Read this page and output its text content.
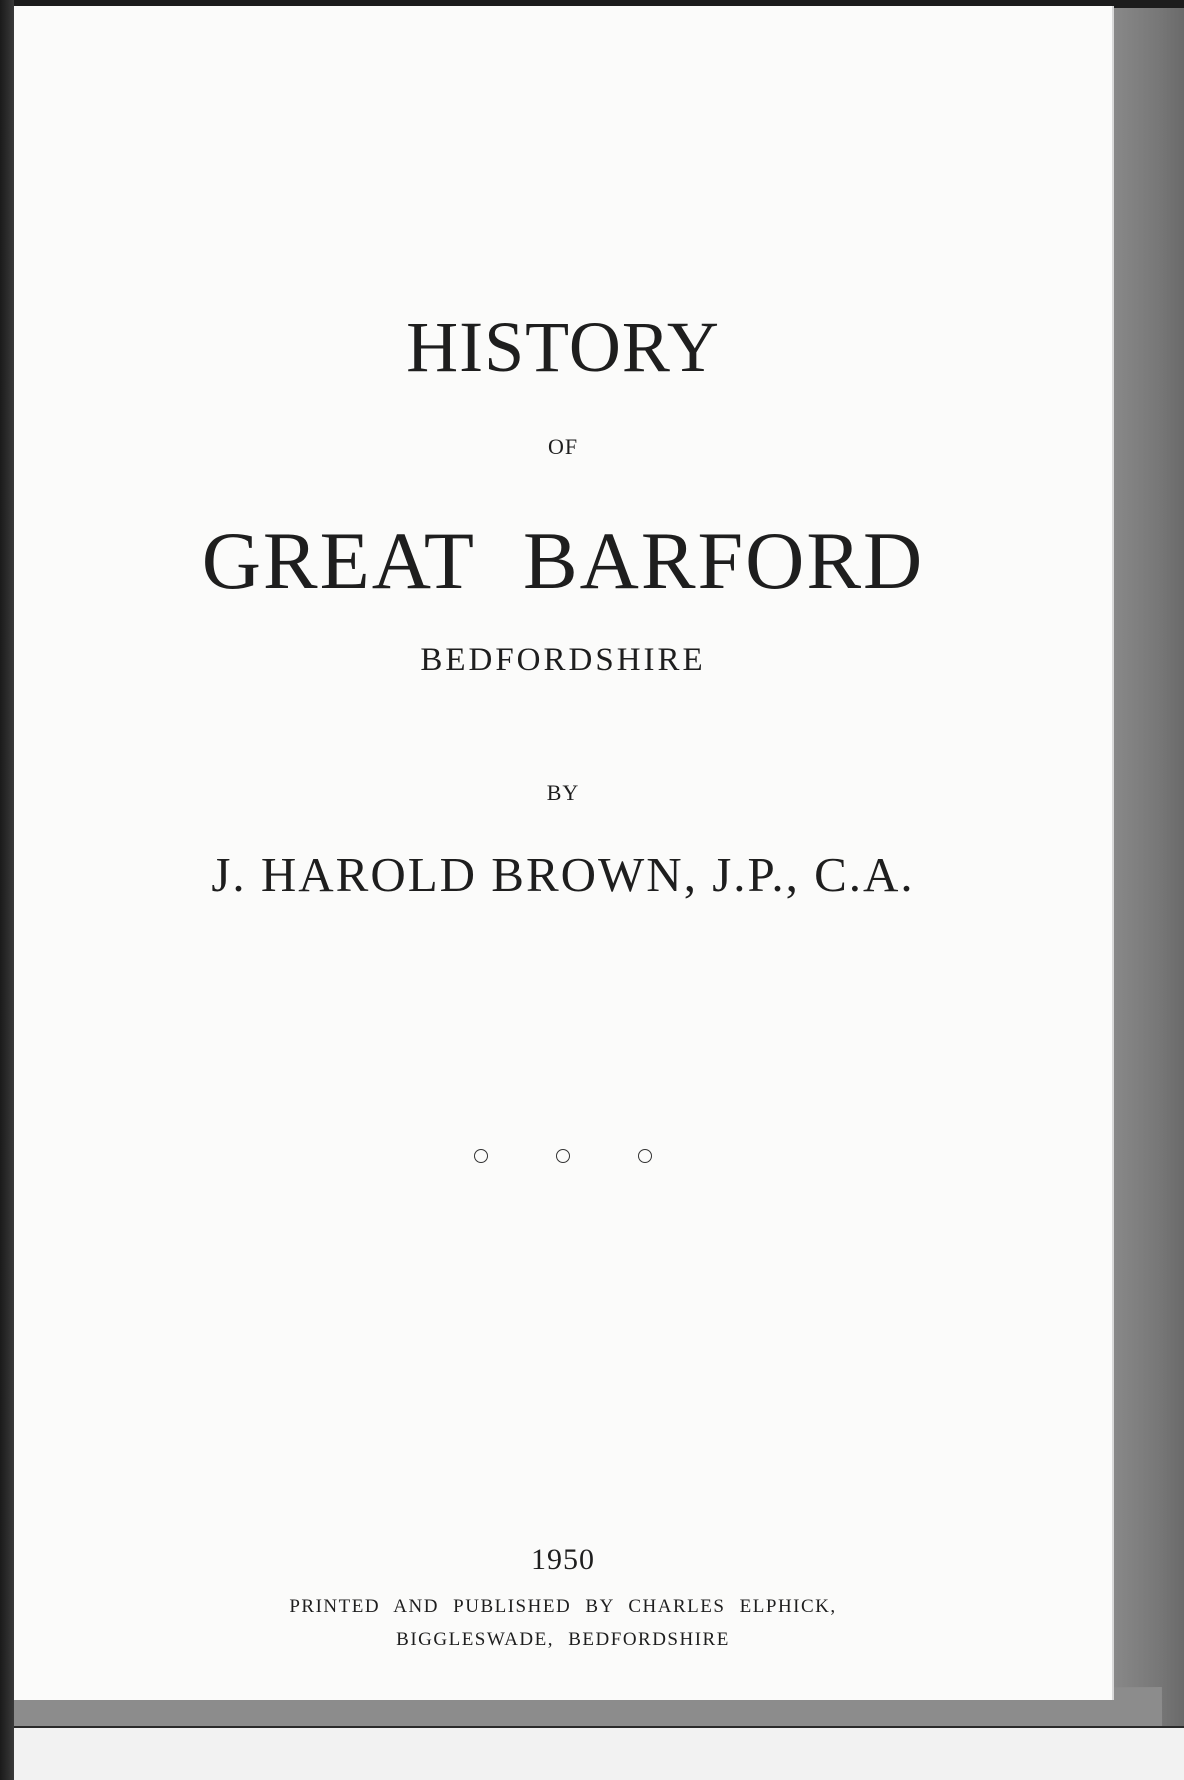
HISTORY
OF
GREAT BARFORD
BEDFORDSHIRE
BY
J. HAROLD BROWN, J.P., C.A.
1950
PRINTED AND PUBLISHED BY CHARLES ELPHICK,
BIGGLESWADE, BEDFORDSHIRE
